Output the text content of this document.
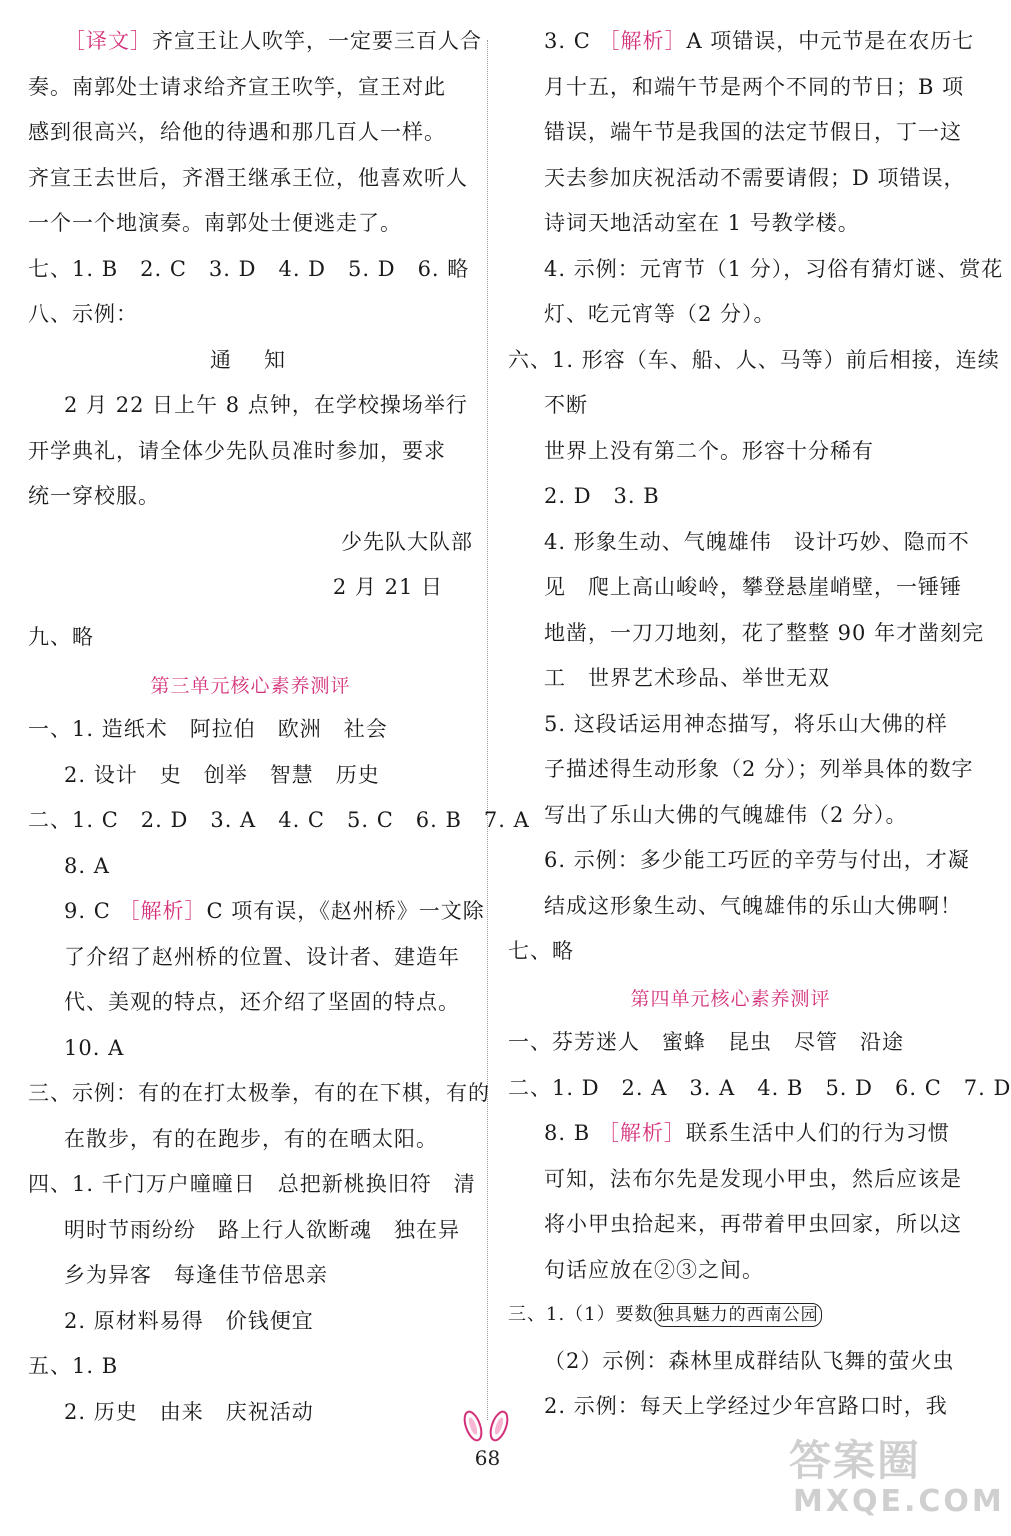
［译文］齐宣王让人吹竽，一定要三百人合
奏。南郭处士请求给齐宣王吹竽，宣王对此
感到很高兴，给他的待遇和那几百人一样。
齐宣王去世后，齐湣王继承王位，他喜欢听人
一个一个地演奏。南郭处士便逃走了。
七、1. B　2. C　3. D　4. D　5. D　6. 略
八、示例：
通　知
2 月 22 日上午 8 点钟，在学校操场举行
开学典礼，请全体少先队员准时参加，要求
统一穿校服。
少先队大队部
2 月 21 日
九、略
第三单元核心素养测评
一、1. 造纸术　阿拉伯　欧洲　社会
2. 设计　史　创举　智慧　历史
二、1. C　2. D　3. A　4. C　5. C　6. B　7. A
8. A
9. C ［解析］C 项有误，《赵州桥》一文除
了介绍了赵州桥的位置、设计者、建造年
代、美观的特点，还介绍了坚固的特点。
10. A
三、示例：有的在打太极拳，有的在下棋，有的
在散步，有的在跑步，有的在晒太阳。
四、1. 千门万户曈曈日　总把新桃换旧符　清
明时节雨纷纷　路上行人欲断魂　独在异
乡为异客　每逢佳节倍思亲
2. 原材料易得　价钱便宜
五、1. B
2. 历史　由来　庆祝活动
3. C ［解析］A 项错误，中元节是在农历七
月十五，和端午节是两个不同的节日；B 项
错误，端午节是我国的法定节假日，丁一这
天去参加庆祝活动不需要请假；D 项错误，
诗词天地活动室在 1 号教学楼。
4. 示例：元宵节（1 分），习俗有猜灯谜、赏花
灯、吃元宵等（2 分）。
六、1. 形容（车、船、人、马等）前后相接，连续
不断
世界上没有第二个。形容十分稀有
2. D　3. B
4. 形象生动、气魄雄伟　设计巧妙、隐而不
见　爬上高山峻岭，攀登悬崖峭壁，一锤锤
地凿，一刀刀地刻，花了整整 90 年才凿刻完
工　世界艺术珍品、举世无双
5. 这段话运用神态描写，将乐山大佛的样
子描述得生动形象（2 分）；列举具体的数字
写出了乐山大佛的气魄雄伟（2 分）。
6. 示例：多少能工巧匠的辛劳与付出，才凝
结成这形象生动、气魄雄伟的乐山大佛啊！
七、略
第四单元核心素养测评
一、芬芳迷人　蜜蜂　昆虫　尽管　沿途
二、1. D　2. A　3. A　4. B　5. D　6. C　7. D
8. B ［解析］联系生活中人们的行为习惯
可知，法布尔先是发现小甲虫，然后应该是
将小甲虫拾起来，再带着甲虫回家，所以这
句话应放在②③之间。
三、1.（1）要数 独具魅力的西南公园
（2）示例：森林里成群结队飞舞的萤火虫
2. 示例：每天上学经过少年宫路口时，我
68	答案圈
MXQE.COM
